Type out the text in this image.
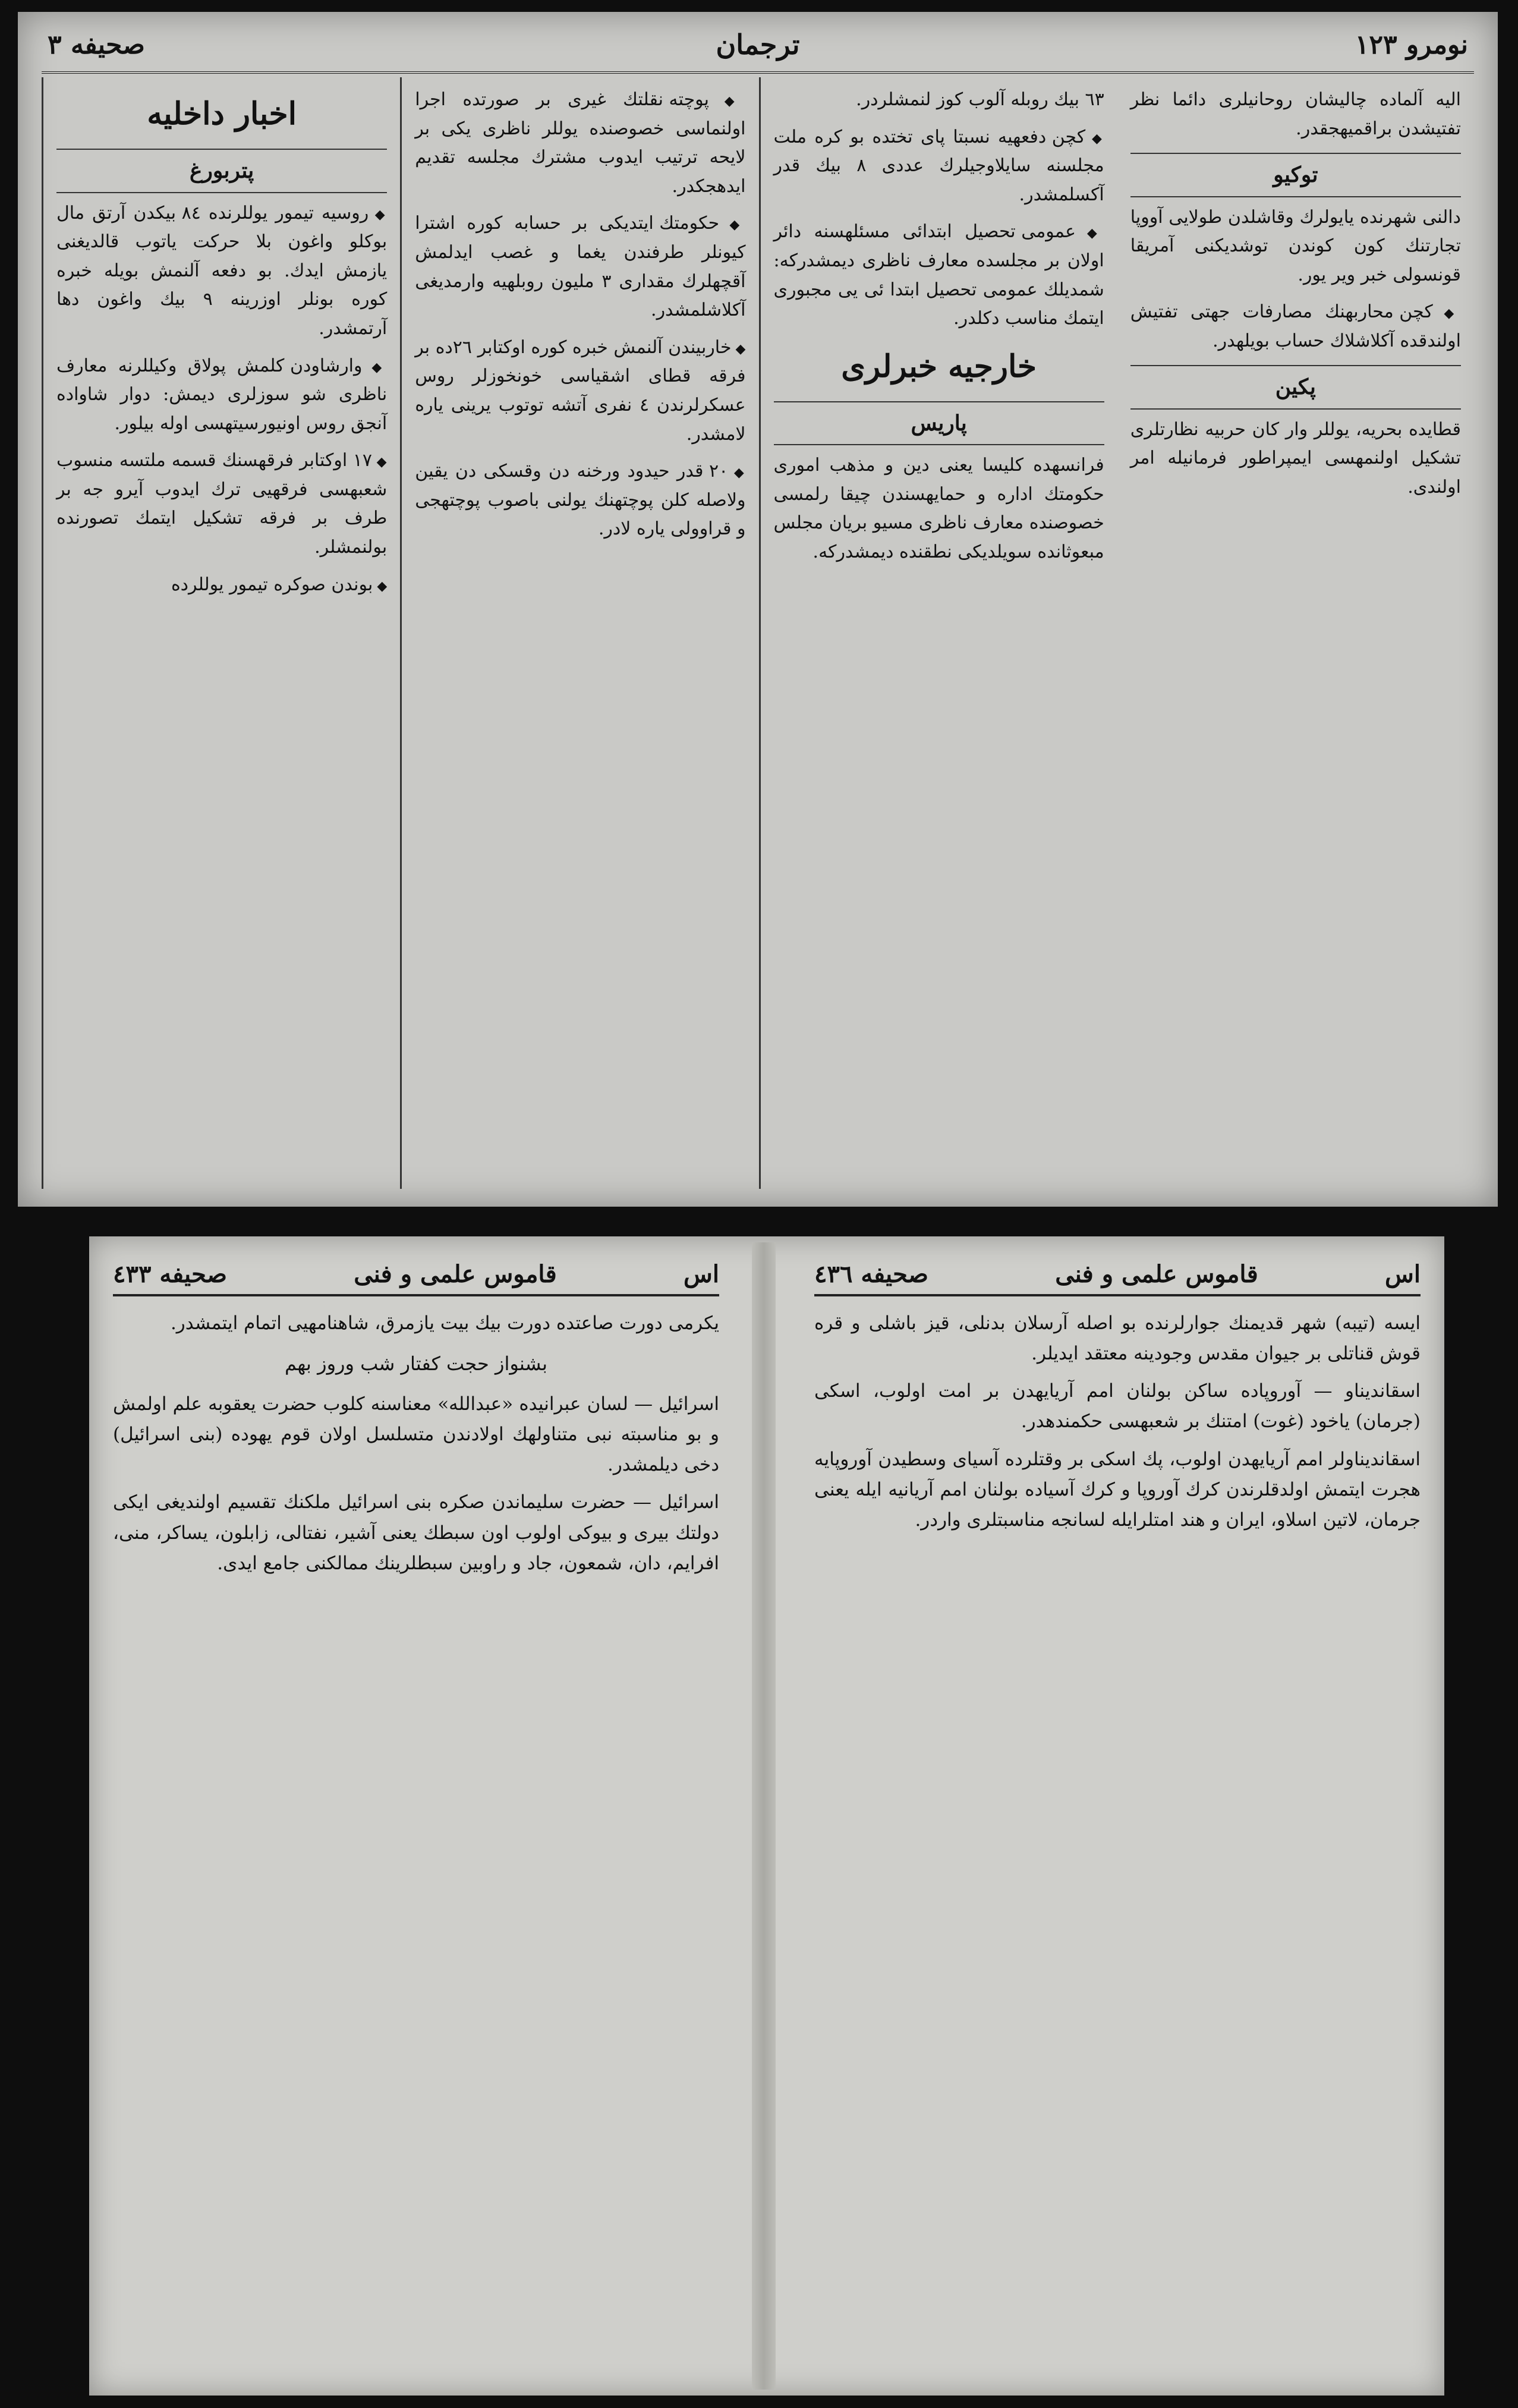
نومرو ۱۲۳
ترجمان
صحيفه ٣
اخبار داخليه
پتربورغ

◆ روسيه تيمور يوللرنده ٨٤ بيكدن آرتق مال بوكلو واغون بلا حرکت ياتوب قالديغنى يازمش ايدك. بو دفعه آلنمش بويله خبره كوره بونلر اوزرينه ٩ بيك واغون دها آرتمشدر.

◆ وارشاودن كلمش پولاق وكيللرنه معارف ناظرى شو سوزلرى ديمش: دوار شاواده آنجق روس اونيورسيتهسى اوله بيلور.

◆ ١٧ اوكتابر فرقهسنك قسمه ملتسه منسوب شعبهسى فرقهيى ترك ايدوب آيرو جه بر طرف بر فرقه تشكيل ايتمك تصورنده بولنمشلر.

◆ بوندن صوكره تيمور يوللرده

◆ پوچته نقلتك غيرى بر صورتده اجرا اولنماسى خصوصنده يوللر ناظرى يكى بر لايحه ترتيب ايدوب مشترك مجلسه تقديم ايدهجكدر.

◆ حكومتك ايتديكى بر حسابه كوره اشترا كيونلر طرفندن يغما و غصب ايدلمش آقچهلرك مقدارى ٣ مليون روبلهيه وارمديغى آكلاشلمشدر.

◆ خاربيندن آلنمش خبره كوره اوكتابر ٢٦ده بر فرقه قطاى اشقياسى خونخوزلر روس عسكرلرندن ٤ نفرى آتشه توتوب يرينى ياره لامشدر.

◆ ٢٠ قدر حيدود ورخنه دن وقسكى دن يقين ولاصله كلن پوچتهنك يولنى باصوب پوچتهجى و قراوولى ياره لادر.

٦٣ بيك روبله آلوب كوز لنمشلردر.

◆ كچن دفعهيه نسبتا پاى تختده بو كره ملت مجلسنه سايلاوجيلرك عددى ٨ بيك قدر آكسلمشدر.

◆ عمومى تحصيل ابتدائى مسئلهسنه دائر اولان بر مجلسده معارف ناظرى ديمشدركه: شمديلك عمومى تحصيل ابتدا ئى يى مجبورى ايتمك مناسب دكلدر.

خارجيه خبرلرى
پاريس

فرانسهده كليسا يعنى دين و مذهب امورى حكومتك اداره و حمايهسندن چيقا رلمسى خصوصنده معارف ناظرى مسيو بريان مجلس مبعوثانده سويلديكى نطقنده ديمشدركه.

اليه آلماده چاليشان روحانيلرى دائما نظر تفتيشدن براقميهجقدر.

توكيو

دالنى شهرنده يايولرك وقاشلدن طولايى آووپا تجارتنك كون كوندن توشديكنى آمريقا قونسولى خبر وير يور.

◆ كچن محاربهنك مصارفات جهتى تفتيش اولندقده آكلاشلاك حساب بويلهدر.

پكين

قطايده بحريه، يوللر وار كان حربيه نظارتلرى تشكيل اولنمهسى ايمپراطور فرمانيله امر اولندى.

اس
قاموس علمى و فنى
صحيفه ٤٣٦

ايسه (تيبه) شهر قديمنك جوارلرنده بو اصله آرسلان بدنلى، قيز باشلى و قره قوش قناتلى بر جيوان مقدس وجودينه معتقد ايديلر.

اسقانديناو — آوروپاده ساكن بولنان امم آريايهدن بر امت اولوب، اسكى (جرمان) ياخود (غوت) امتنك بر شعبهسى حكمندهدر.

اسقانديناولر امم آريايهدن اولوب، پك اسكى بر وقتلرده آسياى وسطيدن آوروپايه هجرت ايتمش اولدقلرندن كرك آوروپا و كرك آسياده بولنان امم آريانيه ايله يعنى جرمان، لاتين اسلاو، ايران و هند امتلرايله لسانجه مناسبتلرى واردر.

اس
قاموس علمى و فنى
صحيفه ٤٣٣

يكرمى دورت صاعتده دورت بيك بيت يازمرق، شاهنامهيى اتمام ايتمشدر.

بشنواز حجت كفتار شب وروز بهم

اسرائيل — لسان عبرانيده «عبدالله» معناسنه كلوب حضرت يعقوبه علم اولمش و بو مناسبته نبى متناولهك اولادندن متسلسل اولان قوم يهوده (بنى اسرائيل) دخى ديلمشدر.

اسرائيل — حضرت سليماندن صكره بنى اسرائيل ملكنك تقسيم اولنديغى ايكى دولتك بيرى و بيوكى اولوب اون سبطك يعنى آشير، نفتالى، زابلون، يساكر، منى، افرايم، دان، شمعون، جاد و راوبين سبطلرينك ممالكنى جامع ايدى.
